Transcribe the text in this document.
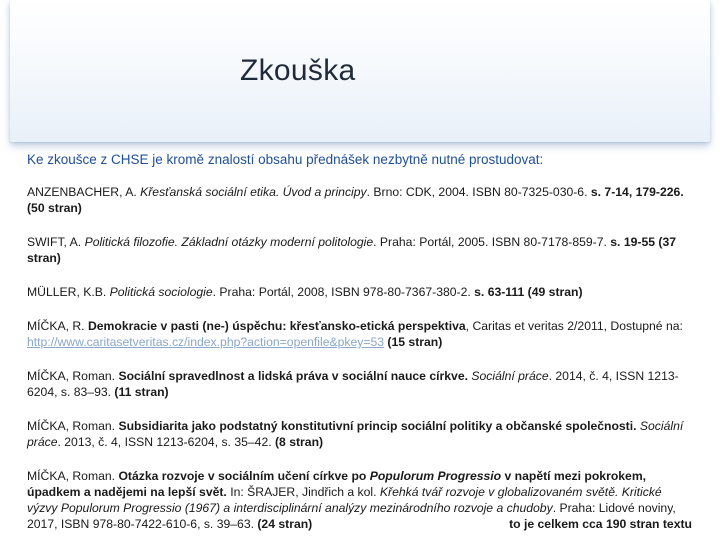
Zkouška
Ke zkoušce z CHSE je kromě znalostí obsahu přednášek nezbytně nutné prostudovat:

ANZENBACHER, A. Křesťanská sociální etika. Úvod a principy. Brno: CDK, 2004. ISBN 80-7325-030-6. s. 7-14, 179-226. (50 stran)

SWIFT, A. Politická filozofie. Základní otázky moderní politologie. Praha: Portál, 2005. ISBN 80-7178-859-7. s. 19-55 (37 stran)

MÜLLER, K.B. Politická sociologie. Praha: Portál, 2008, ISBN 978-80-7367-380-2. s. 63-111 (49 stran)

MÍČKA, R. Demokracie v pasti (ne-) úspěchu: křesťansko-etická perspektiva, Caritas et veritas 2/2011, Dostupné na: http://www.caritasetveritas.cz/index.php?action=openfile&pkey=53 (15 stran)

MÍČKA, Roman. Sociální spravedlnost a lidská práva v sociální nauce církve. Sociální práce. 2014, č. 4, ISSN 1213-6204, s. 83–93. (11 stran)

MÍČKA, Roman. Subsidiarita jako podstatný konstitutivní princip sociální politiky a občanské společnosti. Sociální práce. 2013, č. 4, ISSN 1213-6204, s. 35–42. (8 stran)

MÍČKA, Roman. Otázka rozvoje v sociálním učení církve po Populorum Progressio v napětí mezi pokrokem, úpadkem a nadějemi na lepší svět. In: ŠRAJER, Jindřich a kol. Křehká tvář rozvoje v globalizovaném světě. Kritické výzvy Populorum Progressio (1967) a interdisciplinární analýzy mezinárodního rozvoje a chudoby. Praha: Lidové noviny, 2017, ISBN 978-80-7422-610-6, s. 39–63. (24 stran)	to je celkem cca 190 stran textu
